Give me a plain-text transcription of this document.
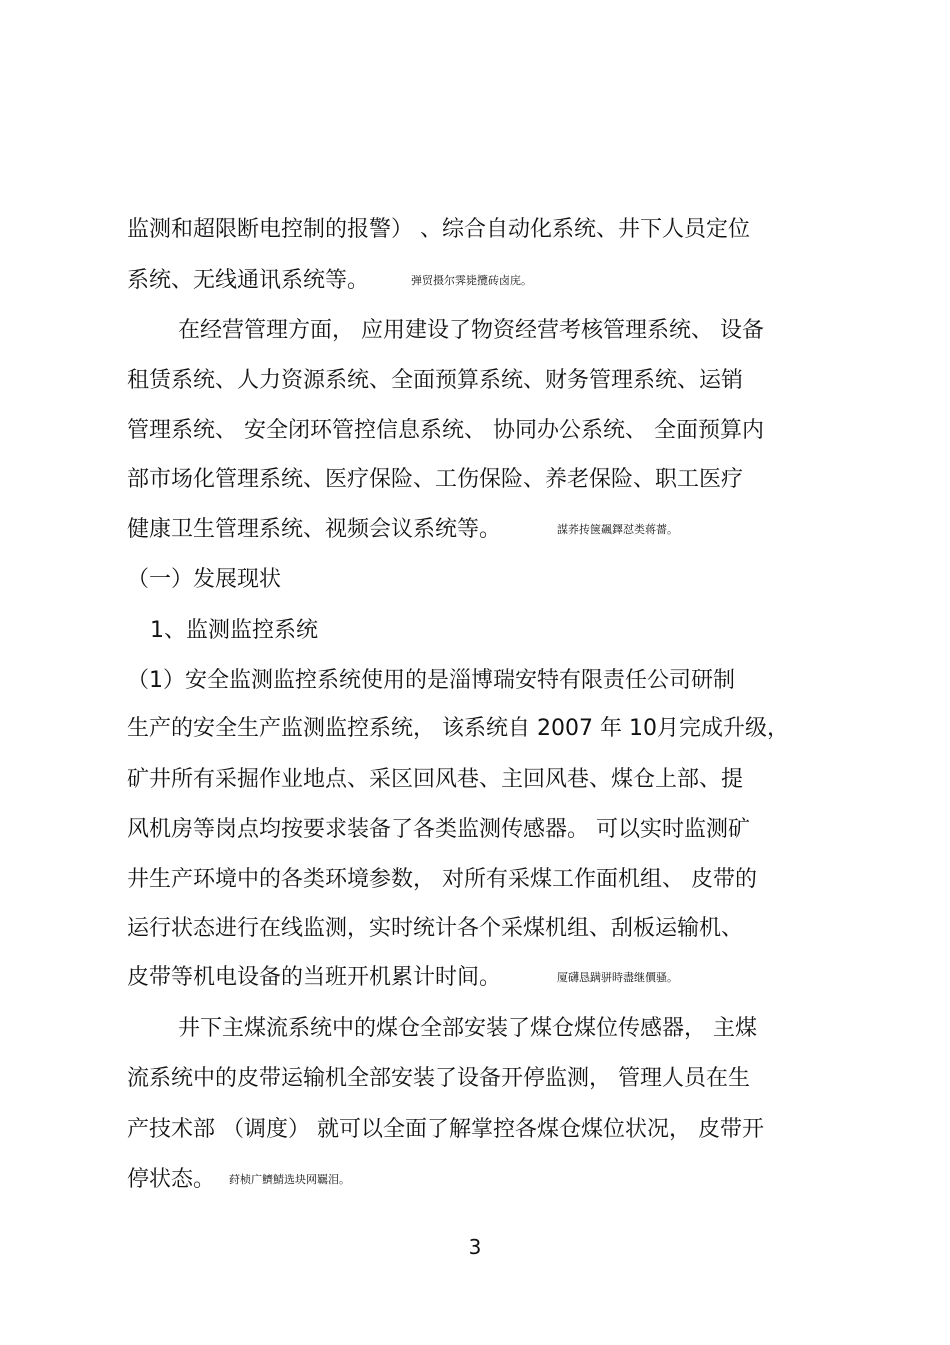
监测和超限断电控制的报警） 、综合自动化系统、井下人员定位
系统、无线通讯系统等。	弹贸摄尔霁毙攬砖卤庑。
在经营管理方面， 应用建设了物资经营考核管理系统、 设备
租赁系统、人力资源系统、全面预算系统、财务管理系统、运销
管理系统、 安全闭环管控信息系统、 协同办公系统、 全面预算内
部市场化管理系统、医疗保险、工伤保险、养老保险、职工医疗
健康卫生管理系统、视频会议系统等。	謀荞抟箧飆鐸怼类蒋薔。
（一）发展现状
1、监测监控系统
（1）安全监测监控系统使用的是淄博瑞安特有限责任公司研制
生产的安全生产监测监控系统， 该系统自 2007 年 10月完成升级，
矿井所有采掘作业地点、采区回风巷、主回风巷、煤仓上部、提
风机房等岗点均按要求装备了各类监测传感器。 可以实时监测矿
井生产环境中的各类环境参数， 对所有采煤工作面机组、 皮带的
运行状态进行在线监测，实时统计各个采煤机组、刮板运输机、
皮带等机电设备的当班开机累计时间。	厦礴恳蹒骈時盡继價骚。
井下主煤流系统中的煤仓全部安装了煤仓煤位传感器， 主煤
流系统中的皮带运输机全部安装了设备开停监测， 管理人员在生
产技术部 （调度） 就可以全面了解掌控各煤仓煤位状况， 皮带开
停状态。 荮桢广鱭鯖选块网羈泪。
3
